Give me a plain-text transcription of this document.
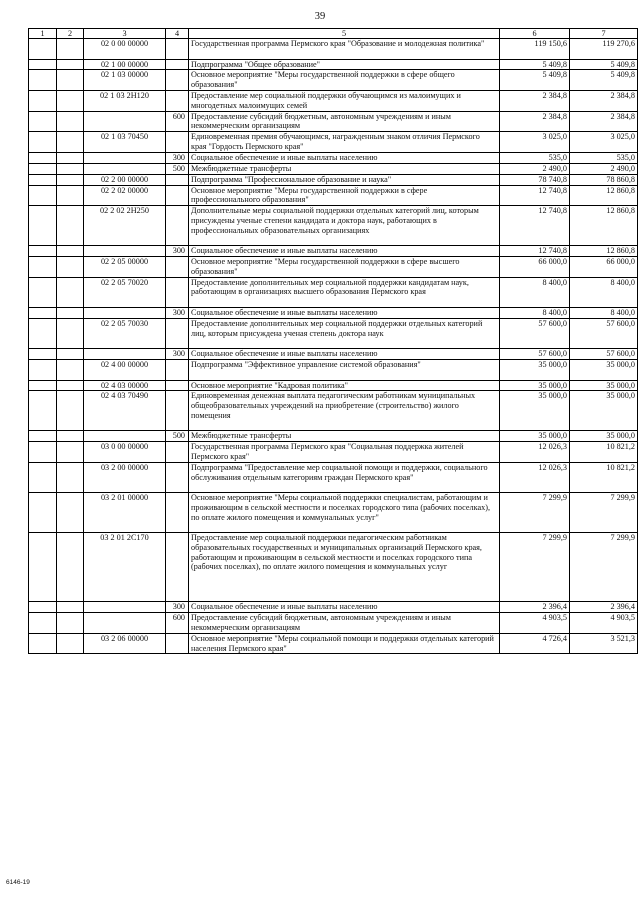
39
1	2	3	4	5	6	7
		02 0 00 00000		Государственная программа Пермского края "Образование и молодежная политика"	119 150,6	119 270,6
		02 1 00 00000		Подпрограмма "Общее образование"	5 409,8	5 409,8
		02 1 03 00000		Основное мероприятие "Меры государственной поддержки в сфере общего образования"	5 409,8	5 409,8
		02 1 03 2Н120		Предоставление мер социальной поддержки обучающимся из малоимущих и многодетных малоимущих семей	2 384,8	2 384,8
			600	Предоставление субсидий бюджетным, автономным учреждениям и иным некоммерческим организациям	2 384,8	2 384,8
		02 1 03 70450		Единовременная премия обучающимся, награжденным знаком отличия Пермского края "Гордость Пермского края"	3 025,0	3 025,0
			300	Социальное обеспечение и иные выплаты населению	535,0	535,0
			500	Межбюджетные трансферты	2 490,0	2 490,0
		02 2 00 00000		Подпрограмма "Профессиональное образование и наука"	78 740,8	78 860,8
		02 2 02 00000		Основное мероприятие "Меры государственной поддержки в сфере профессионального образования"	12 740,8	12 860,8
		02 2 02 2Н250		Дополнительные меры социальной поддержки отдельных категорий лиц, которым присуждены ученые степени кандидата и доктора наук, работающих в профессиональных образовательных организациях	12 740,8	12 860,8
			300	Социальное обеспечение и иные выплаты населению	12 740,8	12 860,8
		02 2 05 00000		Основное мероприятие "Меры государственной поддержки в сфере высшего образования"	66 000,0	66 000,0
		02 2 05 70020		Предоставление дополнительных мер социальной поддержки кандидатам наук, работающим в организациях высшего образования Пермского края	8 400,0	8 400,0
			300	Социальное обеспечение и иные выплаты населению	8 400,0	8 400,0
		02 2 05 70030		Предоставление дополнительных мер социальной поддержки отдельных категорий лиц, которым присуждена ученая степень доктора наук	57 600,0	57 600,0
			300	Социальное обеспечение и иные выплаты населению	57 600,0	57 600,0
		02 4 00 00000		Подпрограмма "Эффективное управление системой образования"	35 000,0	35 000,0
		02 4 03 00000		Основное мероприятие "Кадровая политика"	35 000,0	35 000,0
		02 4 03 70490		Единовременная денежная выплата педагогическим работникам муниципальных общеобразовательных учреждений на приобретение (строительство) жилого помещения	35 000,0	35 000,0
			500	Межбюджетные трансферты	35 000,0	35 000,0
		03 0 00 00000		Государственная программа Пермского края "Социальная поддержка жителей Пермского края"	12 026,3	10 821,2
		03 2 00 00000		Подпрограмма "Предоставление мер социальной помощи и поддержки, социального обслуживания отдельным категориям граждан Пермского края"	12 026,3	10 821,2
		03 2 01 00000		Основное мероприятие "Меры социальной поддержки специалистам, работающим и проживающим в сельской местности и поселках городского типа (рабочих поселках), по оплате жилого помещения и коммунальных услуг"	7 299,9	7 299,9
		03 2 01 2С170		Предоставление мер социальной поддержки педагогическим работникам образовательных государственных и муниципальных организаций Пермского края, работающим и проживающим в сельской местности и поселках городского типа (рабочих поселках), по оплате жилого помещения и коммунальных услуг	7 299,9	7 299,9
			300	Социальное обеспечение и иные выплаты населению	2 396,4	2 396,4
			600	Предоставление субсидий бюджетным, автономным учреждениям и иным некоммерческим организациям	4 903,5	4 903,5
		03 2 06 00000		Основное мероприятие "Меры социальной помощи и поддержки отдельных категорий населения Пермского края"	4 726,4	3 521,3
6146-19
